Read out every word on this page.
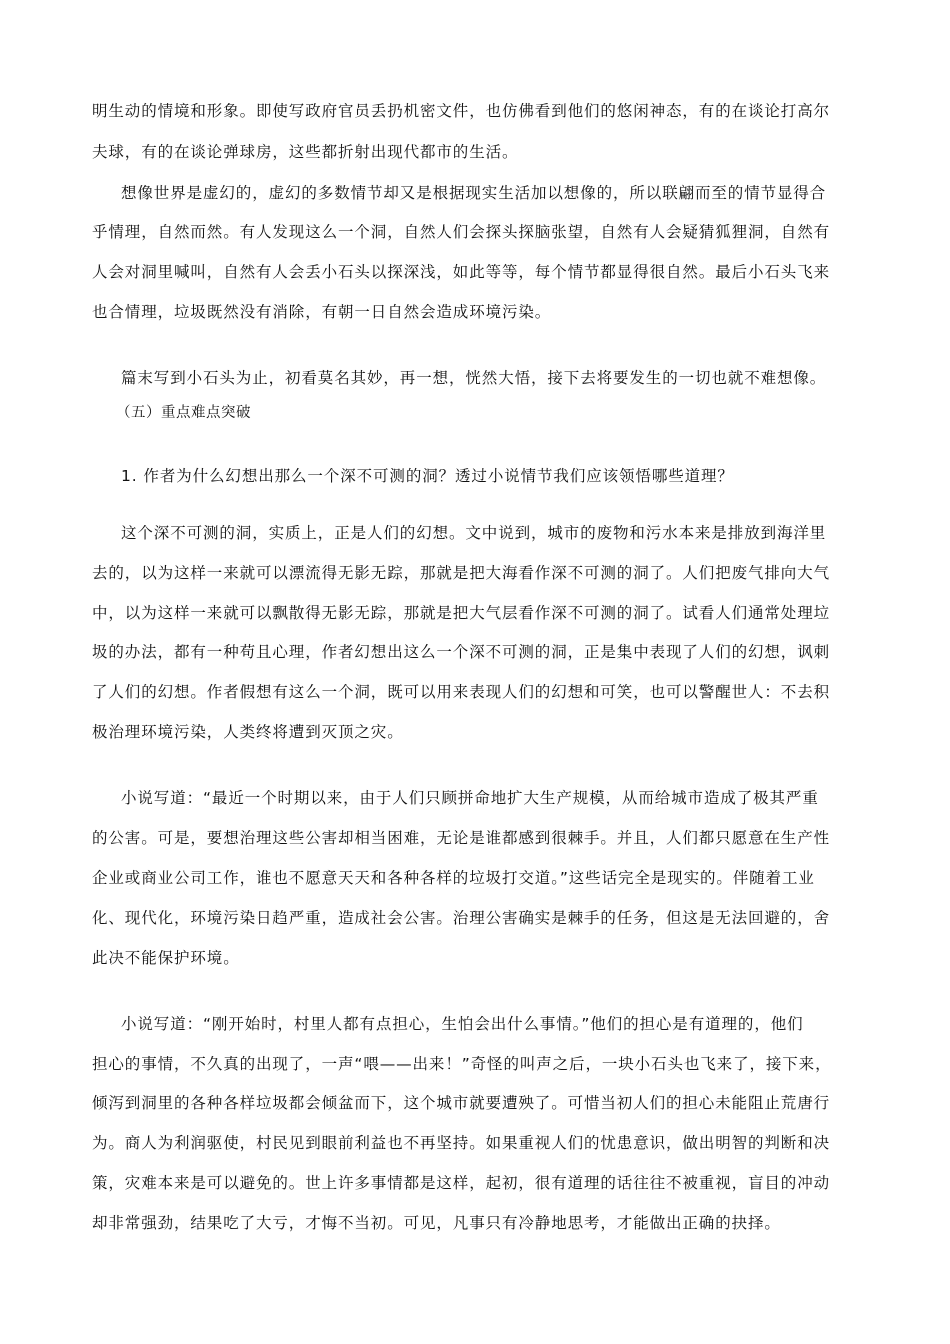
明生动的情境和形象。即使写政府官员丢扔机密文件，也仿佛看到他们的悠闲神态，有的在谈论打高尔
夫球，有的在谈论弹球房，这些都折射出现代都市的生活。
想像世界是虚幻的，虚幻的多数情节却又是根据现实生活加以想像的，所以联翩而至的情节显得合
乎情理，自然而然。有人发现这么一个洞，自然人们会探头探脑张望，自然有人会疑猜狐狸洞，自然有
人会对洞里喊叫，自然有人会丢小石头以探深浅，如此等等，每个情节都显得很自然。最后小石头飞来
也合情理，垃圾既然没有消除，有朝一日自然会造成环境污染。
篇末写到小石头为止，初看莫名其妙，再一想，恍然大悟，接下去将要发生的一切也就不难想像。
（五）重点难点突破
1. 作者为什么幻想出那么一个深不可测的洞？透过小说情节我们应该领悟哪些道理？
这个深不可测的洞，实质上，正是人们的幻想。文中说到，城市的废物和污水本来是排放到海洋里
去的，以为这样一来就可以漂流得无影无踪，那就是把大海看作深不可测的洞了。人们把废气排向大气
中，以为这样一来就可以飘散得无影无踪，那就是把大气层看作深不可测的洞了。试看人们通常处理垃
圾的办法，都有一种苟且心理，作者幻想出这么一个深不可测的洞，正是集中表现了人们的幻想，讽刺
了人们的幻想。作者假想有这么一个洞，既可以用来表现人们的幻想和可笑，也可以警醒世人：不去积
极治理环境污染，人类终将遭到灭顶之灾。
小说写道：“最近一个时期以来，由于人们只顾拼命地扩大生产规模，从而给城市造成了极其严重
的公害。可是，要想治理这些公害却相当困难，无论是谁都感到很棘手。并且，人们都只愿意在生产性
企业或商业公司工作，谁也不愿意天天和各种各样的垃圾打交道。”这些话完全是现实的。伴随着工业
化、现代化，环境污染日趋严重，造成社会公害。治理公害确实是棘手的任务，但这是无法回避的，舍
此决不能保护环境。
小说写道：“刚开始时，村里人都有点担心，生怕会出什么事情。”他们的担心是有道理的，他们
担心的事情，不久真的出现了，一声“喂——出来！”奇怪的叫声之后，一块小石头也飞来了，接下来，
倾泻到洞里的各种各样垃圾都会倾盆而下，这个城市就要遭殃了。可惜当初人们的担心未能阻止荒唐行
为。商人为利润驱使，村民见到眼前利益也不再坚持。如果重视人们的忧患意识，做出明智的判断和决
策，灾难本来是可以避免的。世上许多事情都是这样，起初，很有道理的话往往不被重视，盲目的冲动
却非常强劲，结果吃了大亏，才悔不当初。可见，凡事只有冷静地思考，才能做出正确的抉择。
